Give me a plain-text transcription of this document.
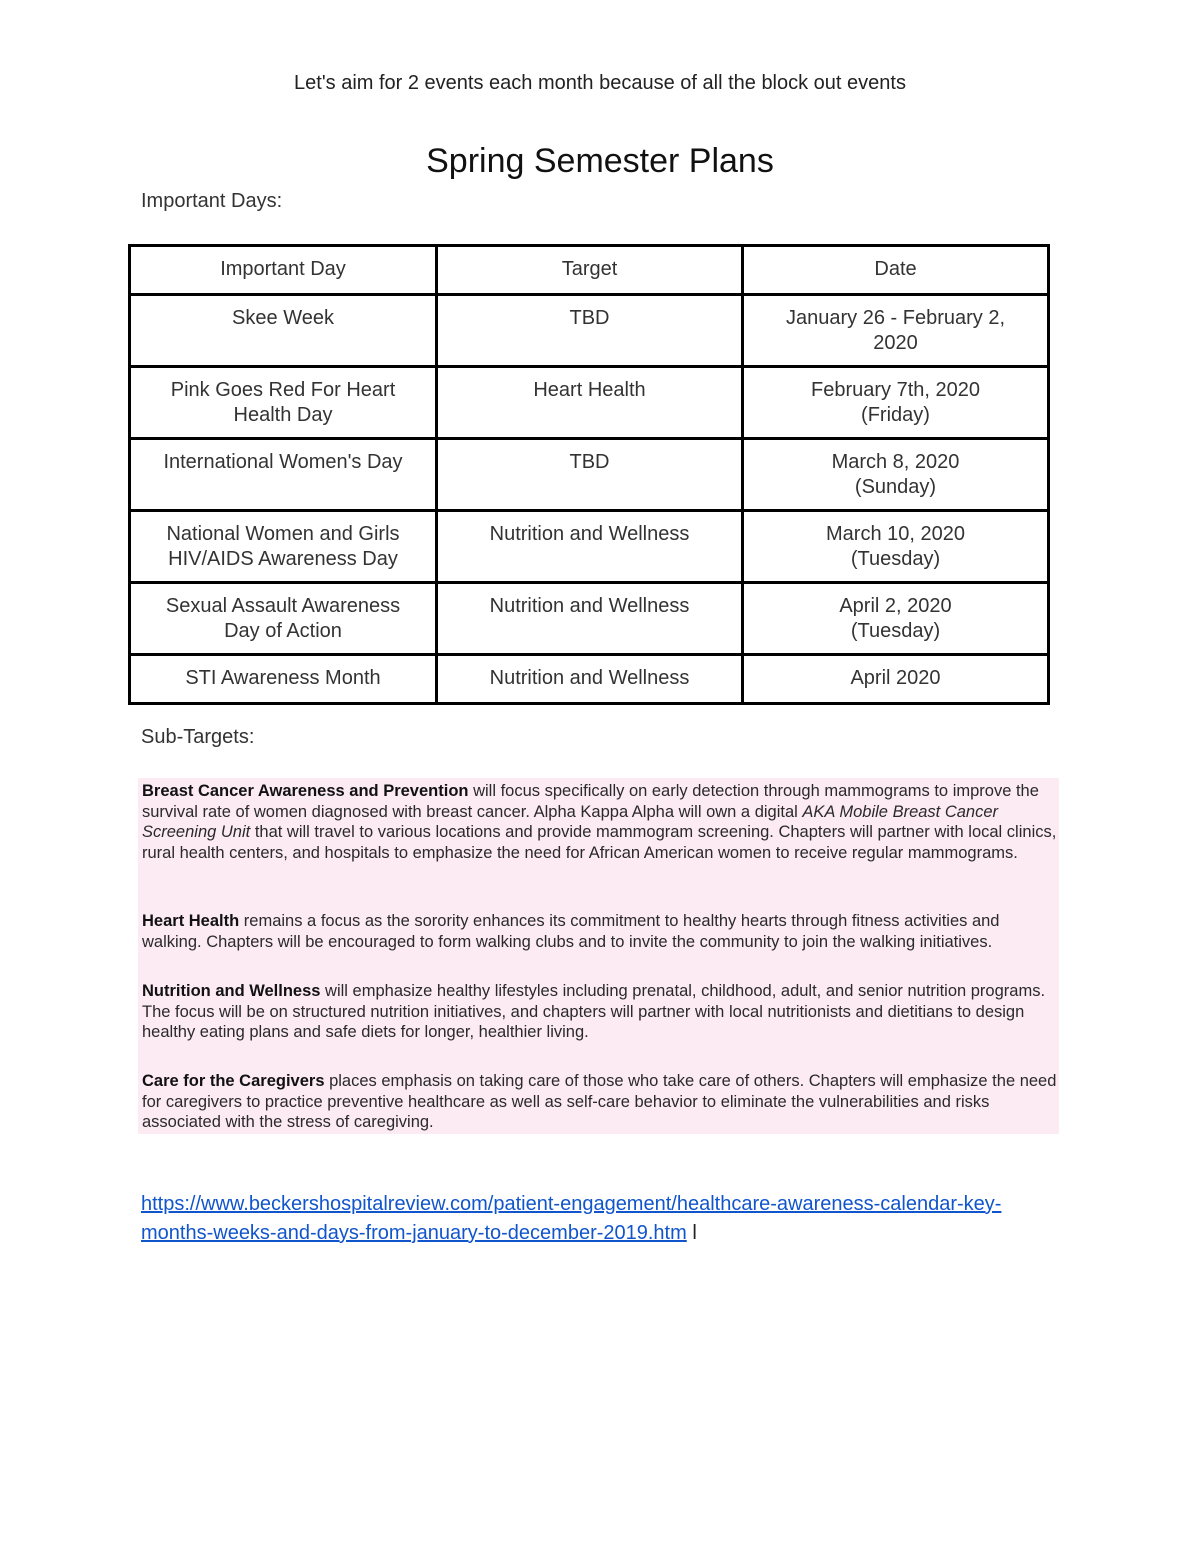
Let's aim for 2 events each month because of all the block out events
Spring Semester Plans
Important Days:
Important Day	Target	Date
Skee Week	TBD	January 26 - February 2,
2020
Pink Goes Red For Heart Health Day	Heart Health	February 7th, 2020
(Friday)
International Women's Day	TBD	March 8, 2020
(Sunday)
National Women and Girls HIV/AIDS Awareness Day	Nutrition and Wellness	March 10, 2020
(Tuesday)
Sexual Assault Awareness Day of Action	Nutrition and Wellness	April 2, 2020
(Tuesday)
STI Awareness Month	Nutrition and Wellness	April 2020
Sub-Targets:
Breast Cancer Awareness and Prevention will focus specifically on early detection through mammograms to improve the survival rate of women diagnosed with breast cancer. Alpha Kappa Alpha will own a digital AKA Mobile Breast Cancer Screening Unit that will travel to various locations and provide mammogram screening. Chapters will partner with local clinics, rural health centers, and hospitals to emphasize the need for African American women to receive regular mammograms.
Heart Health remains a focus as the sorority enhances its commitment to healthy hearts through fitness activities and walking. Chapters will be encouraged to form walking clubs and to invite the community to join the walking initiatives.
Nutrition and Wellness will emphasize healthy lifestyles including prenatal, childhood, adult, and senior nutrition programs. The focus will be on structured nutrition initiatives, and chapters will partner with local nutritionists and dietitians to design healthy eating plans and safe diets for longer, healthier living.
Care for the Caregivers places emphasis on taking care of those who take care of others. Chapters will emphasize the need for caregivers to practice preventive healthcare as well as self-care behavior to eliminate the vulnerabilities and risks associated with the stress of caregiving.
https://www.beckershospitalreview.com/patient-engagement/healthcare-awareness-calendar-key-months-weeks-and-days-from-january-to-december-2019.htm l
